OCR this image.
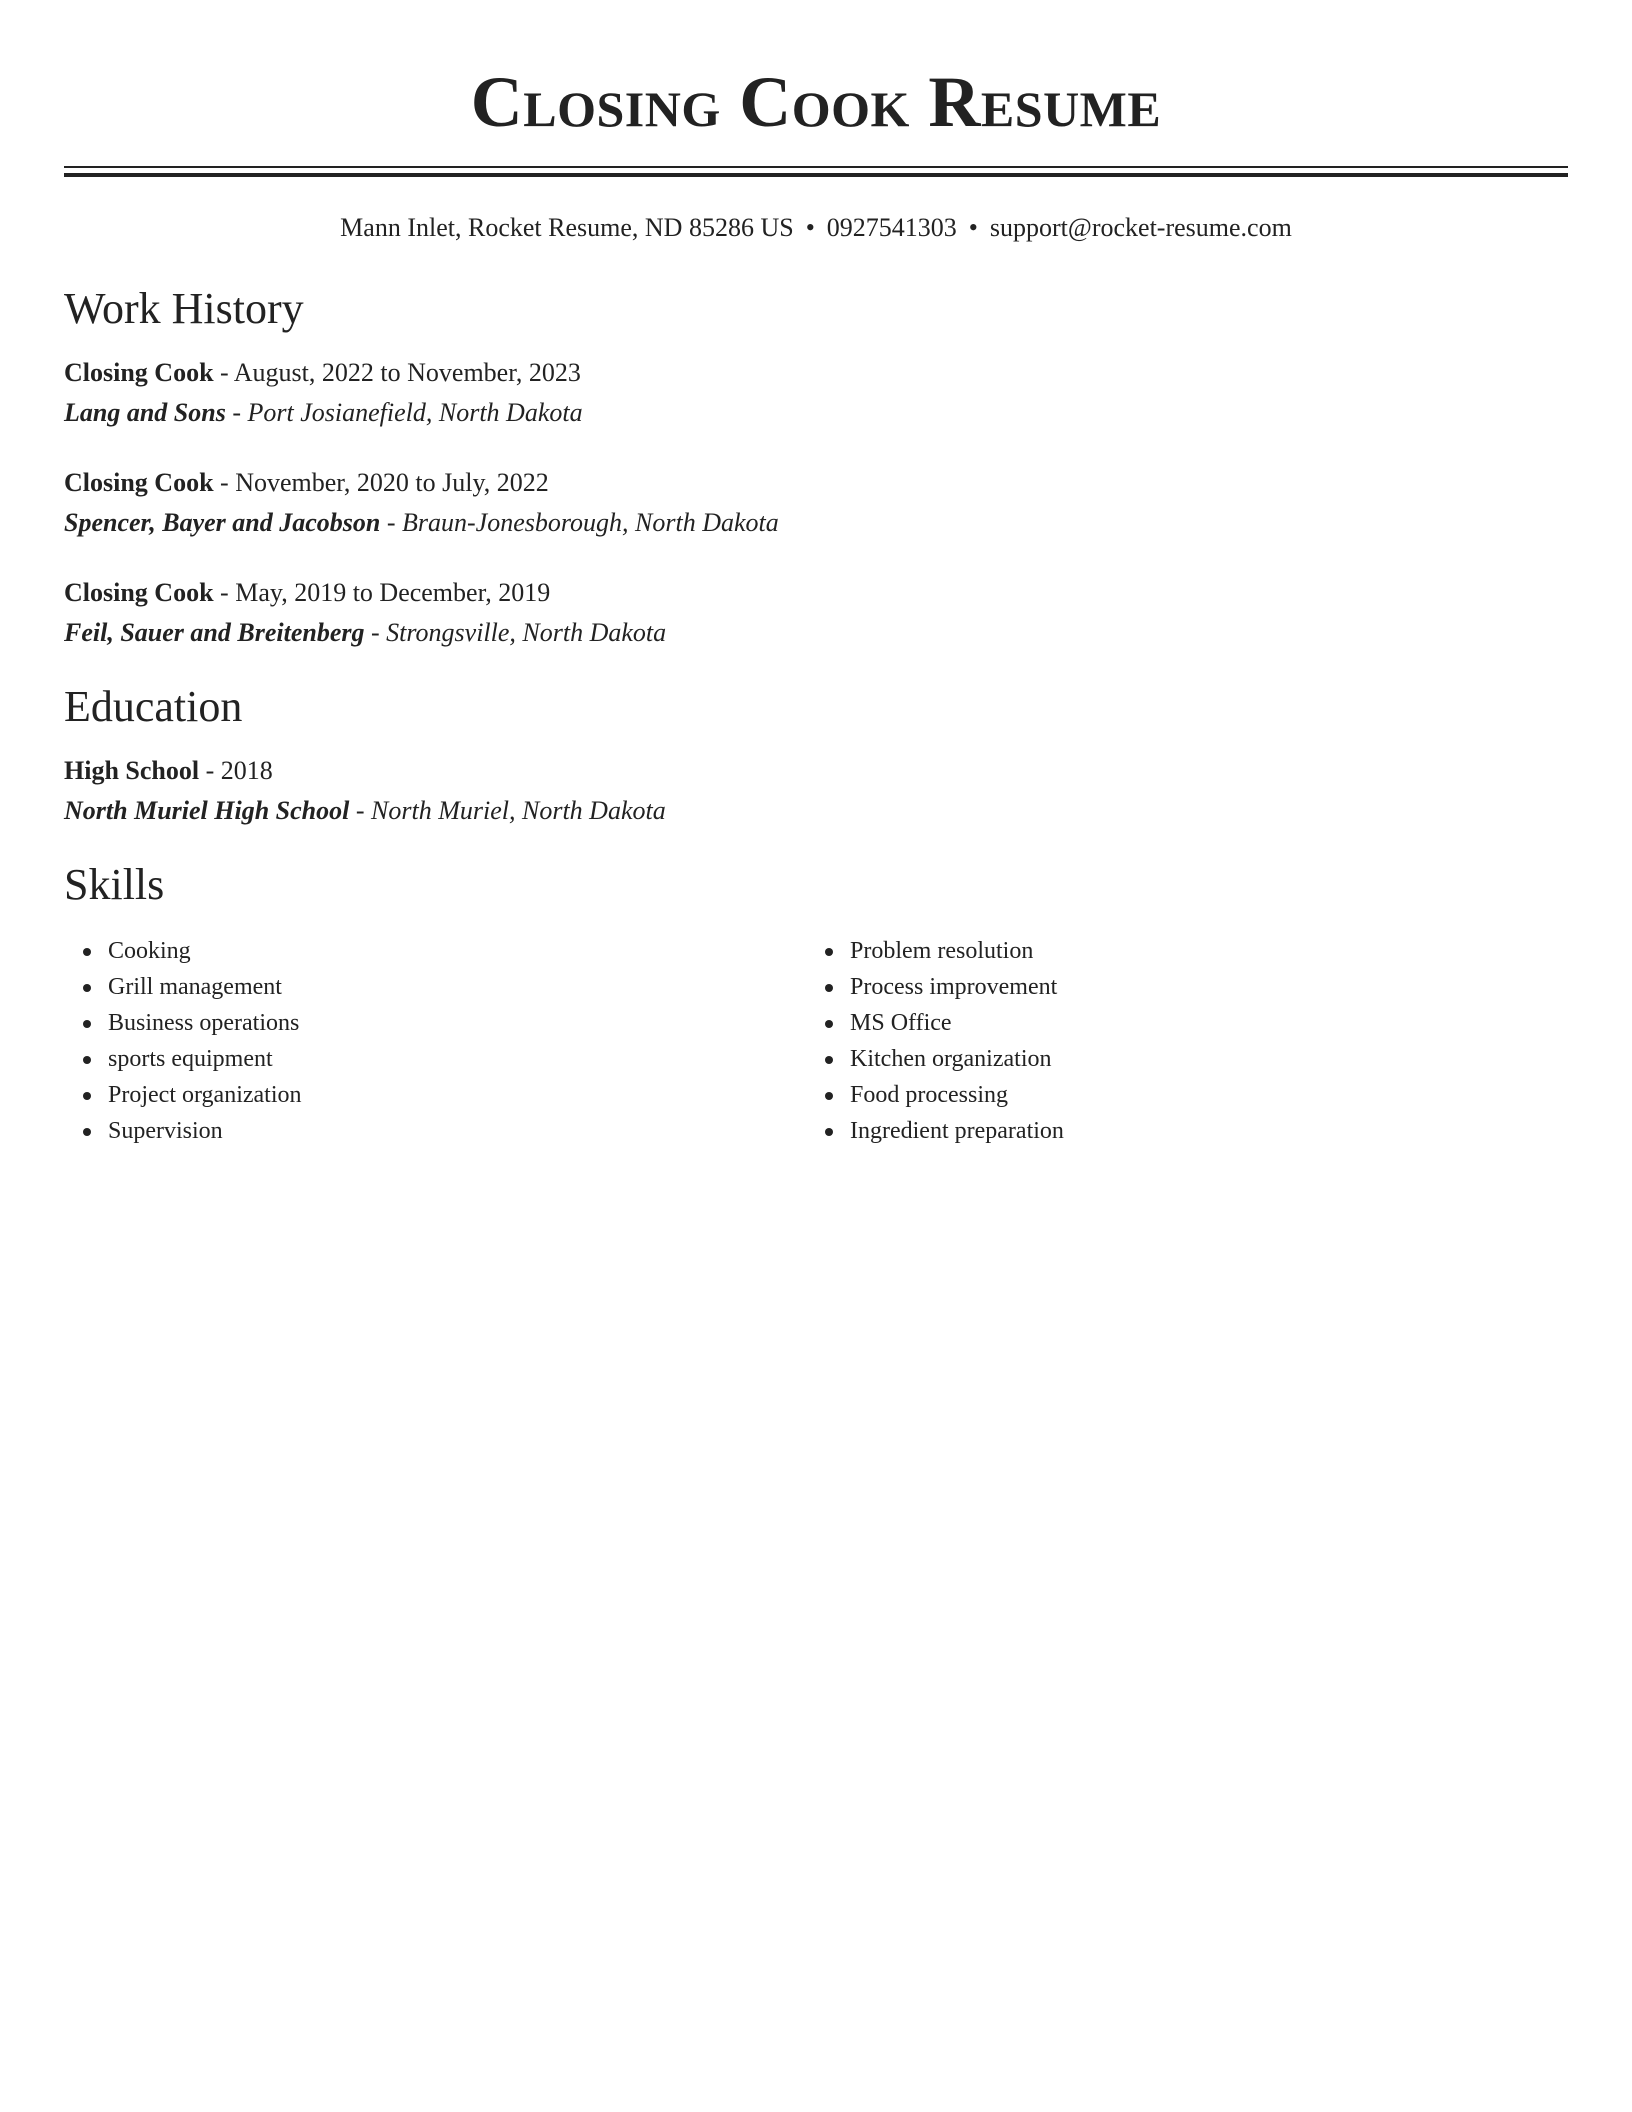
Closing Cook Resume
Mann Inlet, Rocket Resume, ND 85286 US • 0927541303 • support@rocket-resume.com
Work History
Closing Cook - August, 2022 to November, 2023
Lang and Sons - Port Josianefield, North Dakota
Closing Cook - November, 2020 to July, 2022
Spencer, Bayer and Jacobson - Braun-Jonesborough, North Dakota
Closing Cook - May, 2019 to December, 2019
Feil, Sauer and Breitenberg - Strongsville, North Dakota
Education
High School - 2018
North Muriel High School - North Muriel, North Dakota
Skills
Cooking
Grill management
Business operations
sports equipment
Project organization
Supervision
Problem resolution
Process improvement
MS Office
Kitchen organization
Food processing
Ingredient preparation
